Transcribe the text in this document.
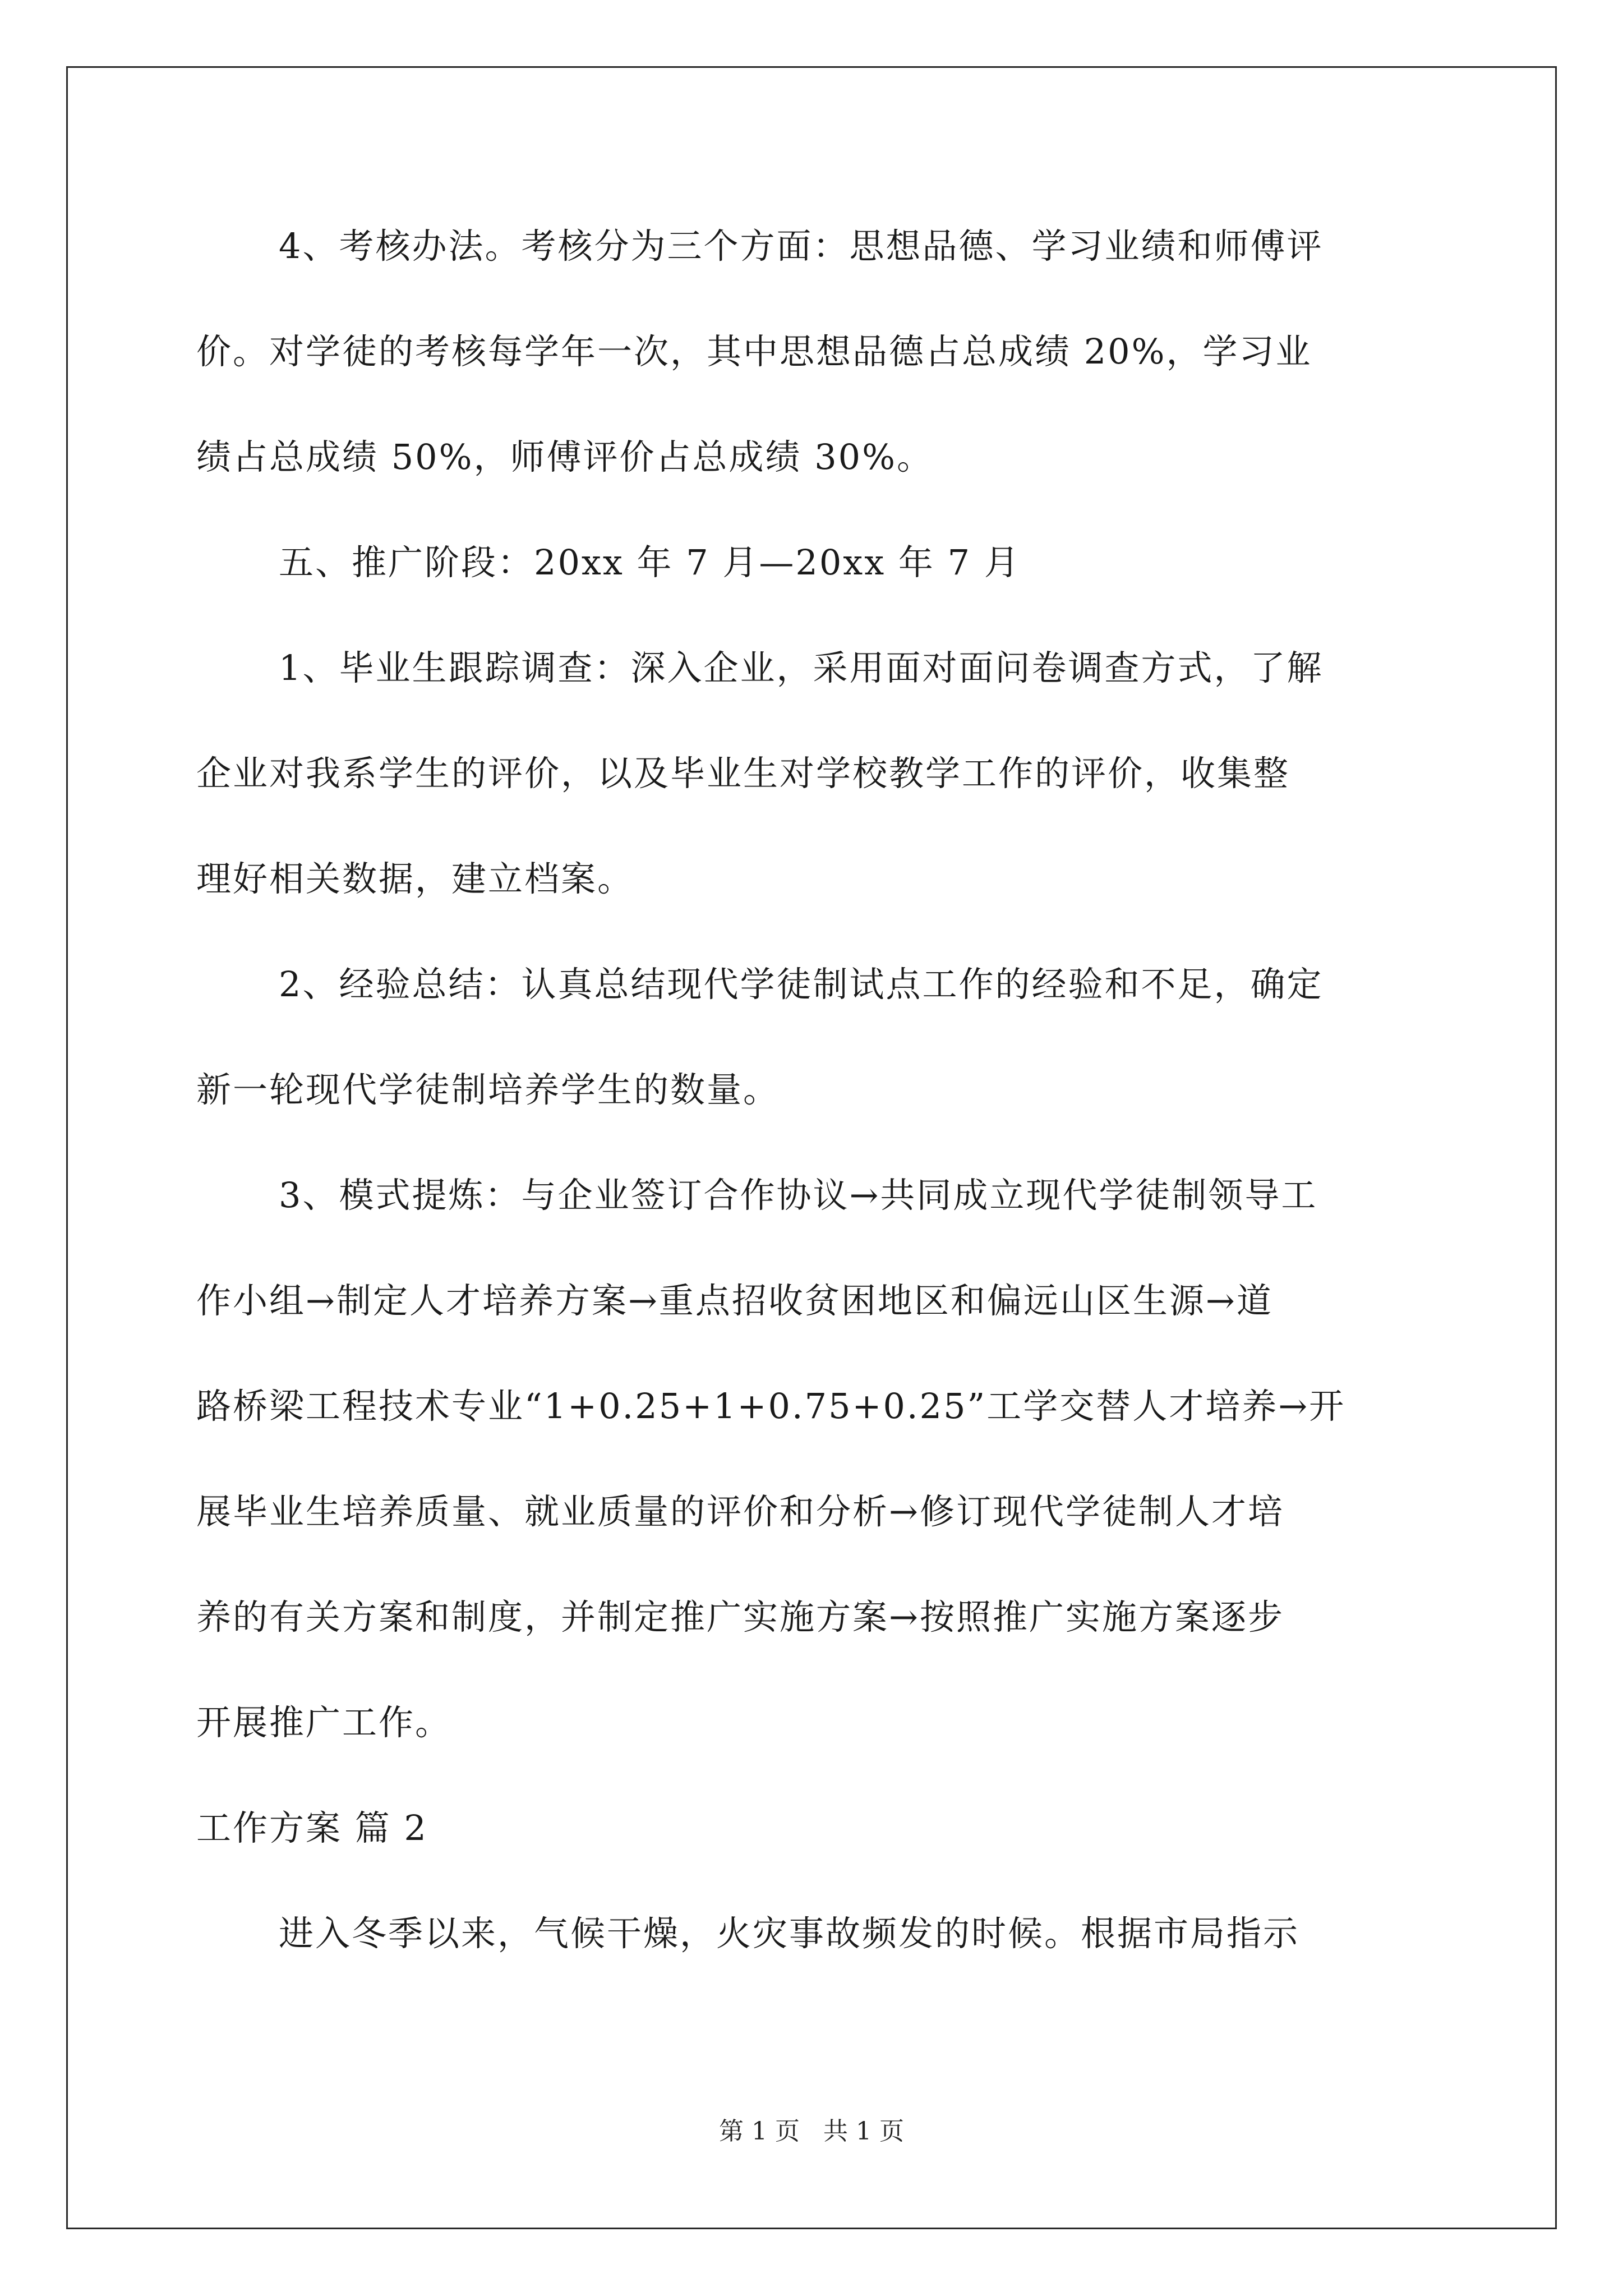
4、考核办法。考核分为三个方面：思想品德、学习业绩和师傅评
价。对学徒的考核每学年一次，其中思想品德占总成绩 20%，学习业
绩占总成绩 50%，师傅评价占总成绩 30%。
五、推广阶段：20xx 年 7 月—20xx 年 7 月
1、毕业生跟踪调查：深入企业，采用面对面问卷调查方式，了解
企业对我系学生的评价，以及毕业生对学校教学工作的评价，收集整
理好相关数据，建立档案。
2、经验总结：认真总结现代学徒制试点工作的经验和不足，确定
新一轮现代学徒制培养学生的数量。
3、模式提炼：与企业签订合作协议→共同成立现代学徒制领导工
作小组→制定人才培养方案→重点招收贫困地区和偏远山区生源→道
路桥梁工程技术专业“1+0.25+1+0.75+0.25”工学交替人才培养→开
展毕业生培养质量、就业质量的评价和分析→修订现代学徒制人才培
养的有关方案和制度，并制定推广实施方案→按照推广实施方案逐步
开展推广工作。
工作方案 篇 2
进入冬季以来，气候干燥，火灾事故频发的时候。根据市局指示
第 1 页   共 1 页
